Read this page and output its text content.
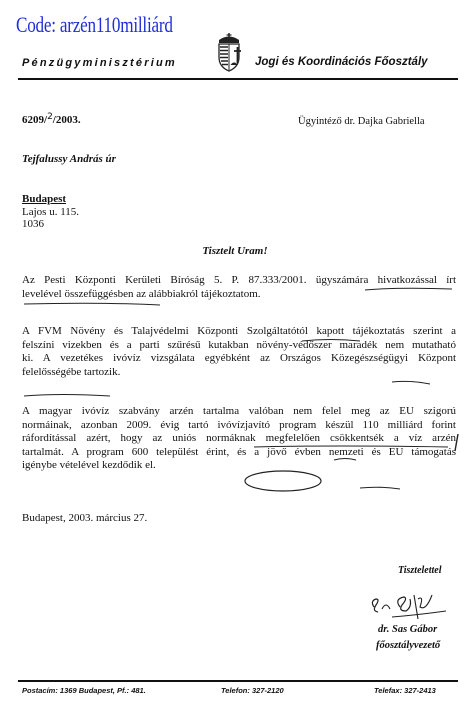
Code: arzén110milliárd
Pénzügyminisztérium	Jogi és Koordinációs Főosztály
6209/$^2$/2003.	Ügyintéző dr. Dajka Gabriella
Tejfalussy András úr
Budapest
Lajos u. 115.
1036
Tisztelt Uram!
Az Pesti Központi Kerületi Bíróság 5. P. 87.333/2001. ügyszámára hivatkozással írt
levelével összefüggésben az alábbiakról tájékoztatom.
A FVM Növény és Talajvédelmi Központi Szolgáltatótól kapott tájékoztatás szerint a
felszíni vizekben és a parti szűrésű kutakban növény-védőszer maradék nem mutatható
ki. A vezetékes ivóvíz vizsgálata egyébként az Országos Közegészségügyi Központ
felelősségébe tartozik.
A magyar ivóvíz szabvány arzén tartalma valóban nem felel meg az EU szigorú
normáinak, azonban 2009. évig tartó ivóvízjavító program készül 110 milliárd forint
ráfordítással azért, hogy az uniós normáknak megfelelően csökkentsék a víz arzén
tartalmát. A program 600 települést érint, és a jövő évben nemzeti és EU támogatás
igénybe vételével kezdődik el.
Budapest, 2003. március 27.
Tisztelettel
dr. Sas Gábor
főosztályvezető
Postacím: 1369 Budapest, Pf.: 481.	Telefon: 327-2120	Telefax: 327-2413
